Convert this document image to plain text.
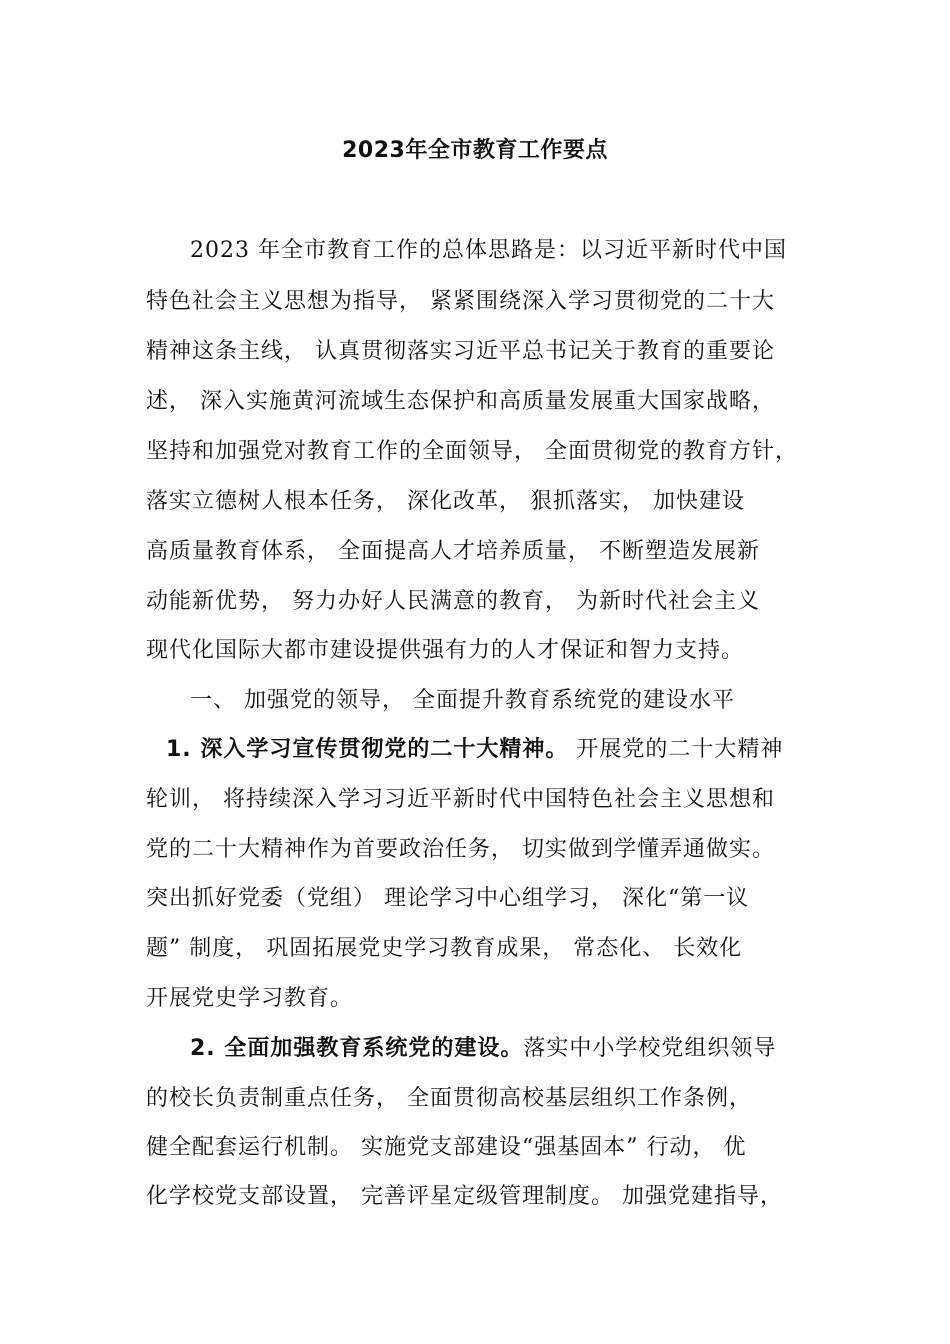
2023年全市教育工作要点
2023 年全市教育工作的总体思路是：以习近平新时代中国
特色社会主义思想为指导， 紧紧围绕深入学习贯彻党的二十大
精神这条主线， 认真贯彻落实习近平总书记关于教育的重要论
述， 深入实施黄河流域生态保护和高质量发展重大国家战略，
坚持和加强党对教育工作的全面领导， 全面贯彻党的教育方针，
落实立德树人根本任务， 深化改革， 狠抓落实， 加快建设
高质量教育体系， 全面提高人才培养质量， 不断塑造发展新
动能新优势， 努力办好人民满意的教育， 为新时代社会主义
现代化国际大都市建设提供强有力的人才保证和智力支持。
一、 加强党的领导， 全面提升教育系统党的建设水平
1. 深入学习宣传贯彻党的二十大精神。 开展党的二十大精神
轮训， 将持续深入学习习近平新时代中国特色社会主义思想和
党的二十大精神作为首要政治任务， 切实做到学懂弄通做实。
突出抓好党委（党组） 理论学习中心组学习， 深化“第一议
题” 制度， 巩固拓展党史学习教育成果， 常态化、 长效化
开展党史学习教育。
2. 全面加强教育系统党的建设。落实中小学校党组织领导
的校长负责制重点任务， 全面贯彻高校基层组织工作条例，
健全配套运行机制。 实施党支部建设“强基固本” 行动， 优
化学校党支部设置， 完善评星定级管理制度。 加强党建指导，
